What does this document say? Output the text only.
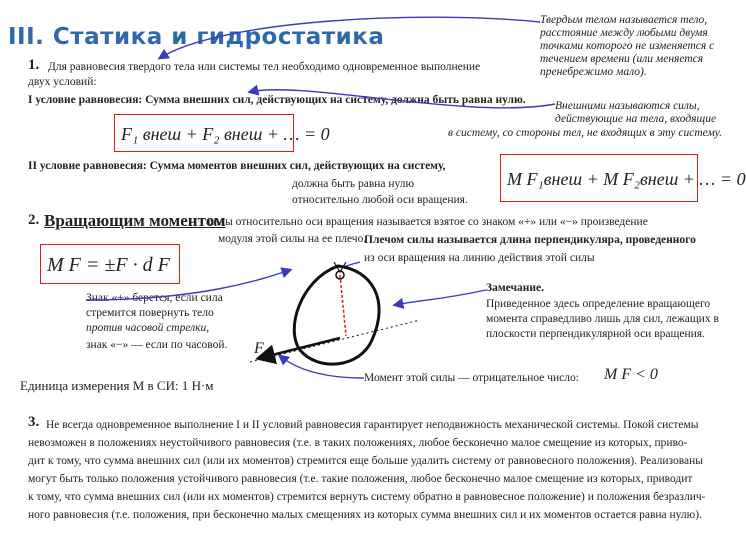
III. Статика и гидростатика
Твердым телом называется тело,
расстояние между любыми двумя
точками которого не изменяется с
течением времени (или меняется
пренебрежимо мало).
Внешними называются силы,
действующие на тела, входящие
в систему, со стороны тел, не входящих в эту систему.
1. Для равновесия твердого тела или системы тел необходимо одновременное выполнение
двух условий:
I условие равновесия: Сумма внешних сил, действующих на систему, должна быть равна нулю.
F₁ внеш + F₂ внеш + … = 0
II условие равновесия: Сумма моментов внешних сил, действующих на систему,
должна быть равна нулю
относительно любой оси вращения.
M F₁внеш + M F₂внеш + … = 0
2. Вращающим моментом
силы относительно оси вращения называется взятое со знаком «+» или «−» произведение
модуля этой силы на ее плечо.
Плечом силы называется длина перпендикуляра, проведенного
из оси вращения на линию действия этой силы
M F = ±F · d F
Знак «+» берется, если сила
стремится повернуть тело
против часовой стрелки,
знак «−» — если по часовой.
Замечание.
Приведенное здесь определение вращающего
момента справедливо лишь для сил, лежащих в
плоскости перпендикулярной оси вращения.
Единица измерения M в СИ: 1 Н·м	Момент этой силы — отрицательное число: M F < 0
F
3. Не всегда одновременное выполнение I и II условий равновесия гарантирует неподвижность механической системы. Покой системы
невозможен в положениях неустойчивого равновесия (т.е. в таких положениях, любое бесконечно малое смещение из которых, приво-
дит к тому, что сумма внешних сил (или их моментов) стремится еще больше удалить систему от равновесного положения). Реализованы
могут быть только положения устойчивого равновесия (т.е. такие положения, любое бесконечно малое смещение из которых, приводит
к тому, что сумма внешних сил (или их моментов) стремится вернуть систему обратно в равновесное положение) и положения безразлич-
ного равновесия (т.е. положения, при бесконечно малых смещениях из которых сумма внешних сил и их моментов остается равна нулю).
